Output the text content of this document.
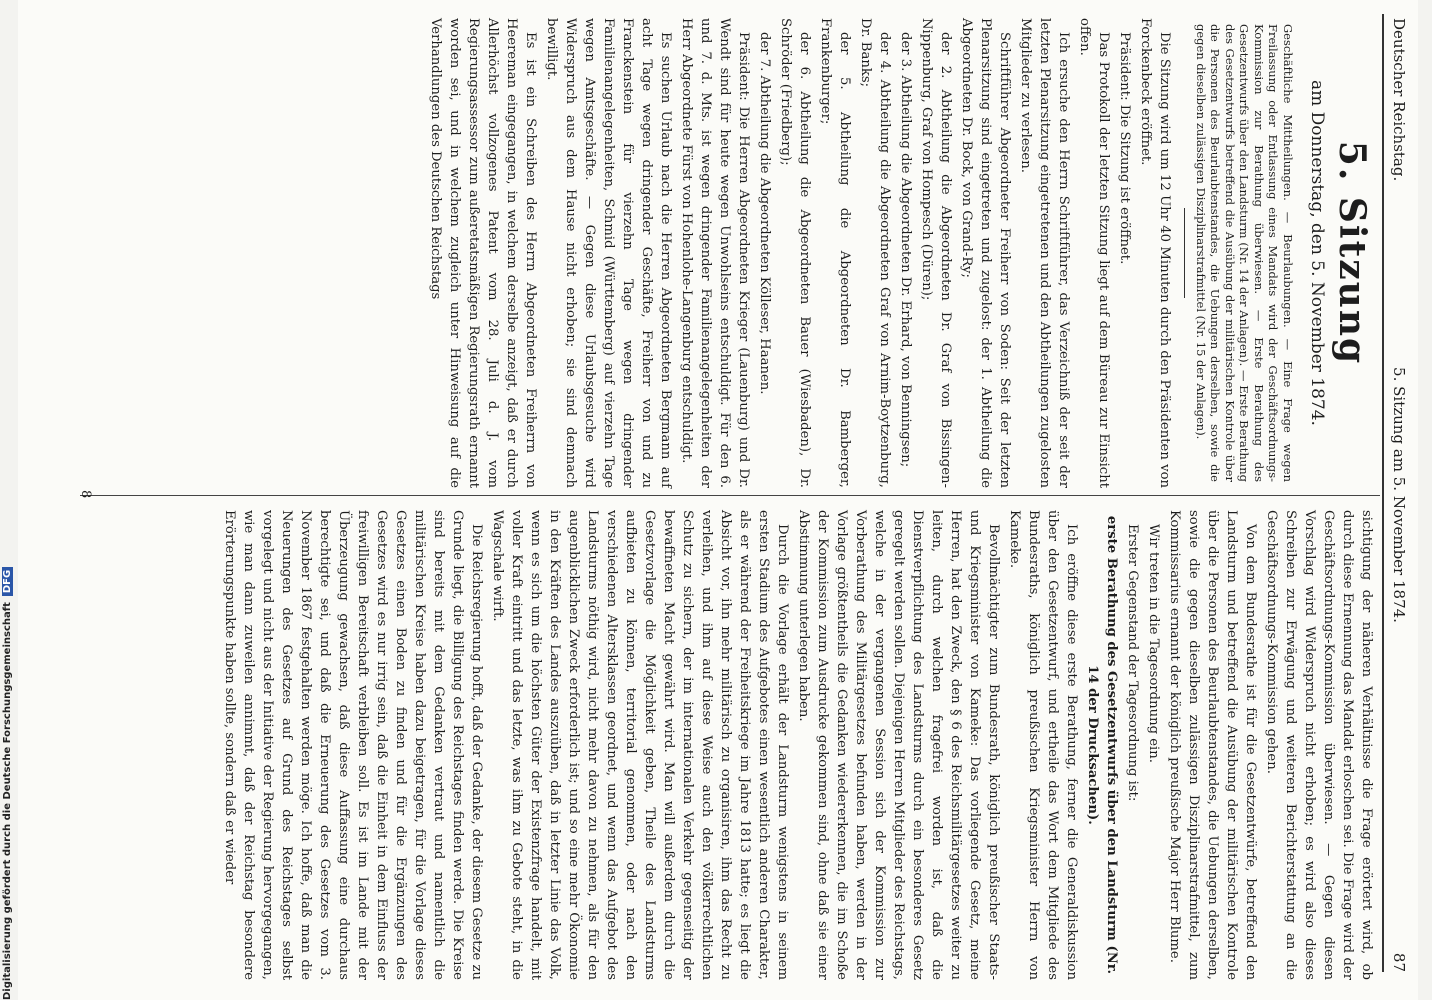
Deutscher Reichstag.
5. Sitzung am 5. November 1874.
87
5. Sitzung
am Donnerstag, den 5. November 1874.

Geschäftliche Mittheilungen. — Beurlaubungen. — Eine Frage wegen Freilassung oder Entlassung eines Mandats wird der Geschäftsordnungs-Kommission zur Berathung überwiesen. — Erste Berathung des Gesetzentwurfs über den Landsturm (Nr. 14 der Anlagen). — Erste Berathung des Gesetzentwurfs betreffend die Ausübung der militärischen Kontrole über die Personen des Beurlaubtenstandes, die Uebungen derselben, sowie die gegen dieselben zulässigen Disziplinarstrafmittel (Nr. 15 der Anlagen).

Die Sitzung wird um 12 Uhr 40 Minuten durch den Präsidenten von Forckenbeck eröffnet.

Präsident: Die Sitzung ist eröffnet.

Das Protokoll der letzten Sitzung liegt auf dem Büreau zur Einsicht offen.

Ich ersuche den Herrn Schriftführer, das Verzeichniß der seit der letzten Plenarsitzung eingetretenen und den Abtheilungen zugelosten Mitglieder zu verlesen.

Schriftführer Abgeordneter Freiherr von Soden: Seit der letzten Plenarsitzung sind eingetreten und zugelost: der 1. Abtheilung die Abgeordneten Dr. Bock, von Grand-Ry;

der 2. Abtheilung die Abgeordneten Dr. Graf von Bissingen-Nippenburg, Graf von Hompesch (Düren);

der 3. Abtheilung die Abgeordneten Dr. Erhard, von Benningsen;

der 4. Abtheilung die Abgeordneten Graf von Arnim-Boytzenburg, Dr. Banks;

der 5. Abtheilung die Abgeordneten Dr. Bamberger, Frankenburger;

der 6. Abtheilung die Abgeordneten Bauer (Wiesbaden), Dr. Schröder (Friedberg);

der 7. Abtheilung die Abgeordneten Kölleser, Haanen.

Präsident: Die Herren Abgeordneten Krieger (Lauenburg) und Dr. Wendt sind für heute wegen Unwohlseins entschuldigt. Für den 6. und 7. d. Mts. ist wegen dringender Familienangelegenheiten der Herr Abgeordnete Fürst von Hohenlohe-Langenburg entschuldigt.

Es suchen Urlaub nach die Herren Abgeordneten Bergmann auf acht Tage wegen dringender Geschäfte, Freiherr von und zu Franckenstein für vierzehn Tage wegen dringender Familienangelegenheiten, Schmid (Württemberg) auf vierzehn Tage wegen Amtsgeschäfte. — Gegen diese Urlaubsgesuche wird Widerspruch aus dem Hause nicht erhoben; sie sind demnach bewilligt.

Es ist ein Schreiben des Herrn Abgeordneten Freiherrn von Heereman eingegangen, in welchem derselbe anzeigt, daß er durch Allerhöchst vollzogenes Patent vom 28. Juli d. J. vom Regierungsassessor zum außeretatsmäßigen Regierungsrath ernannt worden sei, und in welchem zugleich unter Hinweisung auf die Verhandlungen des Deutschen Reichstags

sichtigung der näheren Verhältnisse die Frage erörtert wird, ob durch diese Ernennung das Mandat erloschen sei. Die Frage wird der Geschäftsordnungs-Kommission überwiesen. — Gegen diesen Vorschlag wird Widerspruch nicht erhoben; es wird also dieses Schreiben zur Erwägung und weiteren Berichterstattung an die Geschäftsordnungs-Kommission gehen.

Von dem Bundesrathe ist für die Gesetzentwürfe, betreffend den Landsturm und betreffend die Ausübung der militärischen Kontrole über die Personen des Beurlaubtenstandes, die Uebungen derselben, sowie die gegen dieselben zulässigen Disziplinarstrafmittel, zum Kommissarius ernannt der königlich preußische Major Herr Blume.

Wir treten in die Tagesordnung ein.

Erster Gegenstand der Tagesordnung ist:

erste Berathung des Gesetzentwurfs über den Landsturm (Nr. 14 der Drucksachen).

Ich eröffne diese erste Berathung, ferner die Generaldiskussion über den Gesetzentwurf, und ertheile das Wort dem Mitgliede des Bundesraths, königlich preußischen Kriegsminister Herrn von Kameke.

Bevollmächtigter zum Bundesrath, königlich preußischer Staats- und Kriegsminister von Kameke: Das vorliegende Gesetz, meine Herren, hat den Zweck, den § 6 des Reichsmilitärgesetzes weiter zu leiten, durch welchen fragefrei worden ist, daß die Dienstverpflichtung des Landsturms durch ein besonderes Gesetz geregelt werden sollen. Diejenigen Herren Mitglieder des Reichstags, welche in der vergangenen Session sich der Kommission zur Vorberathung des Militärgesetzes befunden haben, werden in der Vorlage größtentheils die Gedanken wiedererkennen, die im Schoße der Kommission zum Ausdrucke gekommen sind, ohne daß sie einer Abstimmung unterlegen haben.

Durch die Vorlage erhält der Landsturm wenigstens in seinem ersten Stadium des Aufgebotes einen wesentlich anderen Charakter, als er während der Freiheitskriege im Jahre 1813 hatte; es liegt die Absicht vor, ihn mehr militärisch zu organisiren, ihm das Recht zu verleihen, und ihm auf diese Weise auch den völkerrechtlichen Schutz zu sichern, der im internationalen Verkehr gegenseitig der bewaffneten Macht gewährt wird. Man will außerdem durch die Gesetzvorlage die Möglichkeit geben, Theile des Landsturms aufbieten zu können, territorial genommen, oder nach den verschiedenen Altersklassen geordnet, und wenn das Aufgebot des Landsturms nöthig wird, nicht mehr davon zu nehmen, als für den augenblicklichen Zweck erforderlich ist; und so eine mehr Ökonomie in den Kräften des Landes auszuüben, daß in letzter Linie das Volk, wenn es sich um die höchsten Güter der Existenzfrage handelt, mit voller Kraft eintritt und das letzte, was ihm zu Gebote steht, in die Wagschale wirft.

Die Reichsregierung hofft, daß der Gedanke, der diesem Gesetze zu Grunde liegt, die Billigung des Reichstages finden werde. Die Kreise sind bereits mit dem Gedanken vertraut und namentlich die militärischen Kreise haben dazu beigetragen, für die Vorlage dieses Gesetzes einen Boden zu finden und für die Ergänzungen des Gesetzes wird es nur irrig sein, daß die Einheit in dem Einfluss der freiwilligen Bereitschaft verbleiben soll. Es ist im Lande mit der Überzeugung gewachsen, daß diese Auffassung eine durchaus berechtigte sei, und daß die Erneuerung des Gesetzes vom 3. November 1867 festgehalten werden möge. Ich hoffe, daß man die Neuerungen des Gesetzes auf Grund des Reichstages selbst vorgelegt und nicht aus der Initiative der Regierung hervorgegangen, wie man dann zuweilen annimmt, daß der Reichstag besondere Erörterungspunkte haben sollte, sondern daß er wieder

8
Digitalisierung gefördert durch die Deutsche ForschungsgemeinschaftDFG
